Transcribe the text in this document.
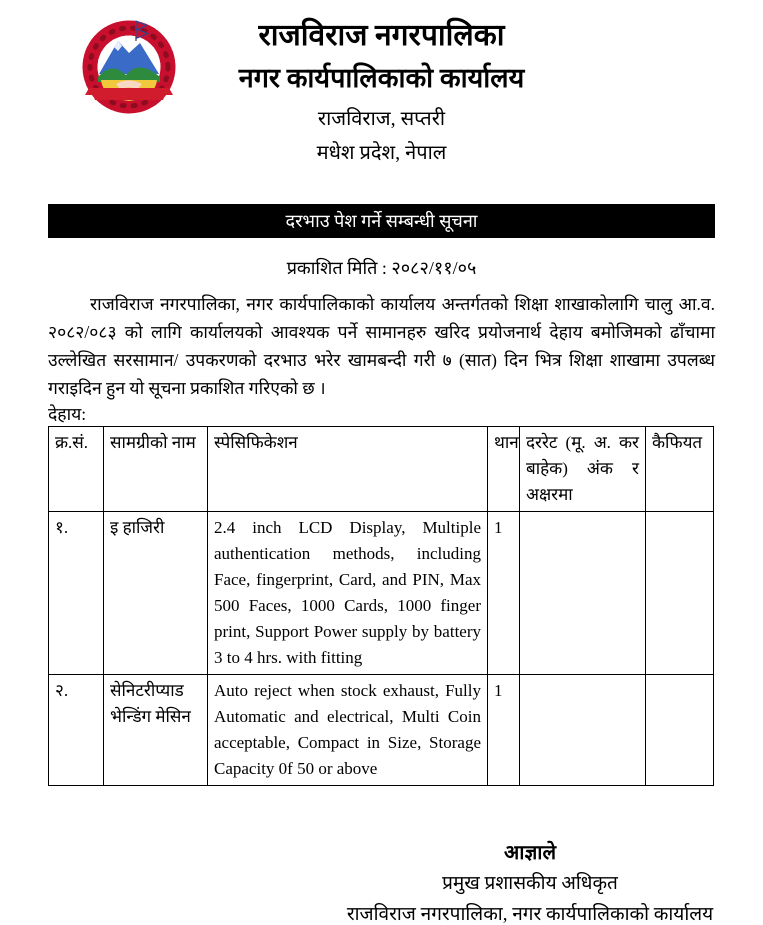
राजविराज नगरपालिका
नगर कार्यपालिकाको कार्यालय
राजविराज, सप्तरी
मधेश प्रदेश, नेपाल
दरभाउ पेश गर्ने सम्बन्धी सूचना
प्रकाशित मिति : २०८२/११/०५

राजविराज नगरपालिका, नगर कार्यपालिकाको कार्यालय अन्तर्गतको शिक्षा शाखाकोलागि चालु आ.व. २०८२/०८३ को लागि कार्यालयको आवश्यक पर्ने सामानहरु खरिद प्रयोजनार्थ देहाय बमोजिमको ढाँचामा उल्लेखित सरसामान/ उपकरणको दरभाउ भरेर खामबन्दी गरी ७ (सात) दिन भित्र शिक्षा शाखामा उपलब्ध गराइदिन हुन यो सूचना प्रकाशित गरिएको छ ।

देहाय:
क्र.सं.	सामग्रीको नाम	स्पेसिफिकेशन	थान	दररेट (मू. अ. कर बाहेक) अंक र अक्षरमा	कैफियत
१.	इ हाजिरी	2.4 inch LCD Display, Multiple authentication methods, including Face, fingerprint, Card, and PIN, Max 500 Faces, 1000 Cards, 1000 finger print, Support Power supply by battery 3 to 4 hrs. with fitting	1		
२.	सेनिटरीप्याड भेन्डिंग मेसिन	Auto reject when stock exhaust, Fully Automatic and electrical, Multi Coin acceptable, Compact in Size, Storage Capacity 0f 50 or above	1		
आज्ञाले
प्रमुख प्रशासकीय अधिकृत
राजविराज नगरपालिका, नगर कार्यपालिकाको कार्यालय
